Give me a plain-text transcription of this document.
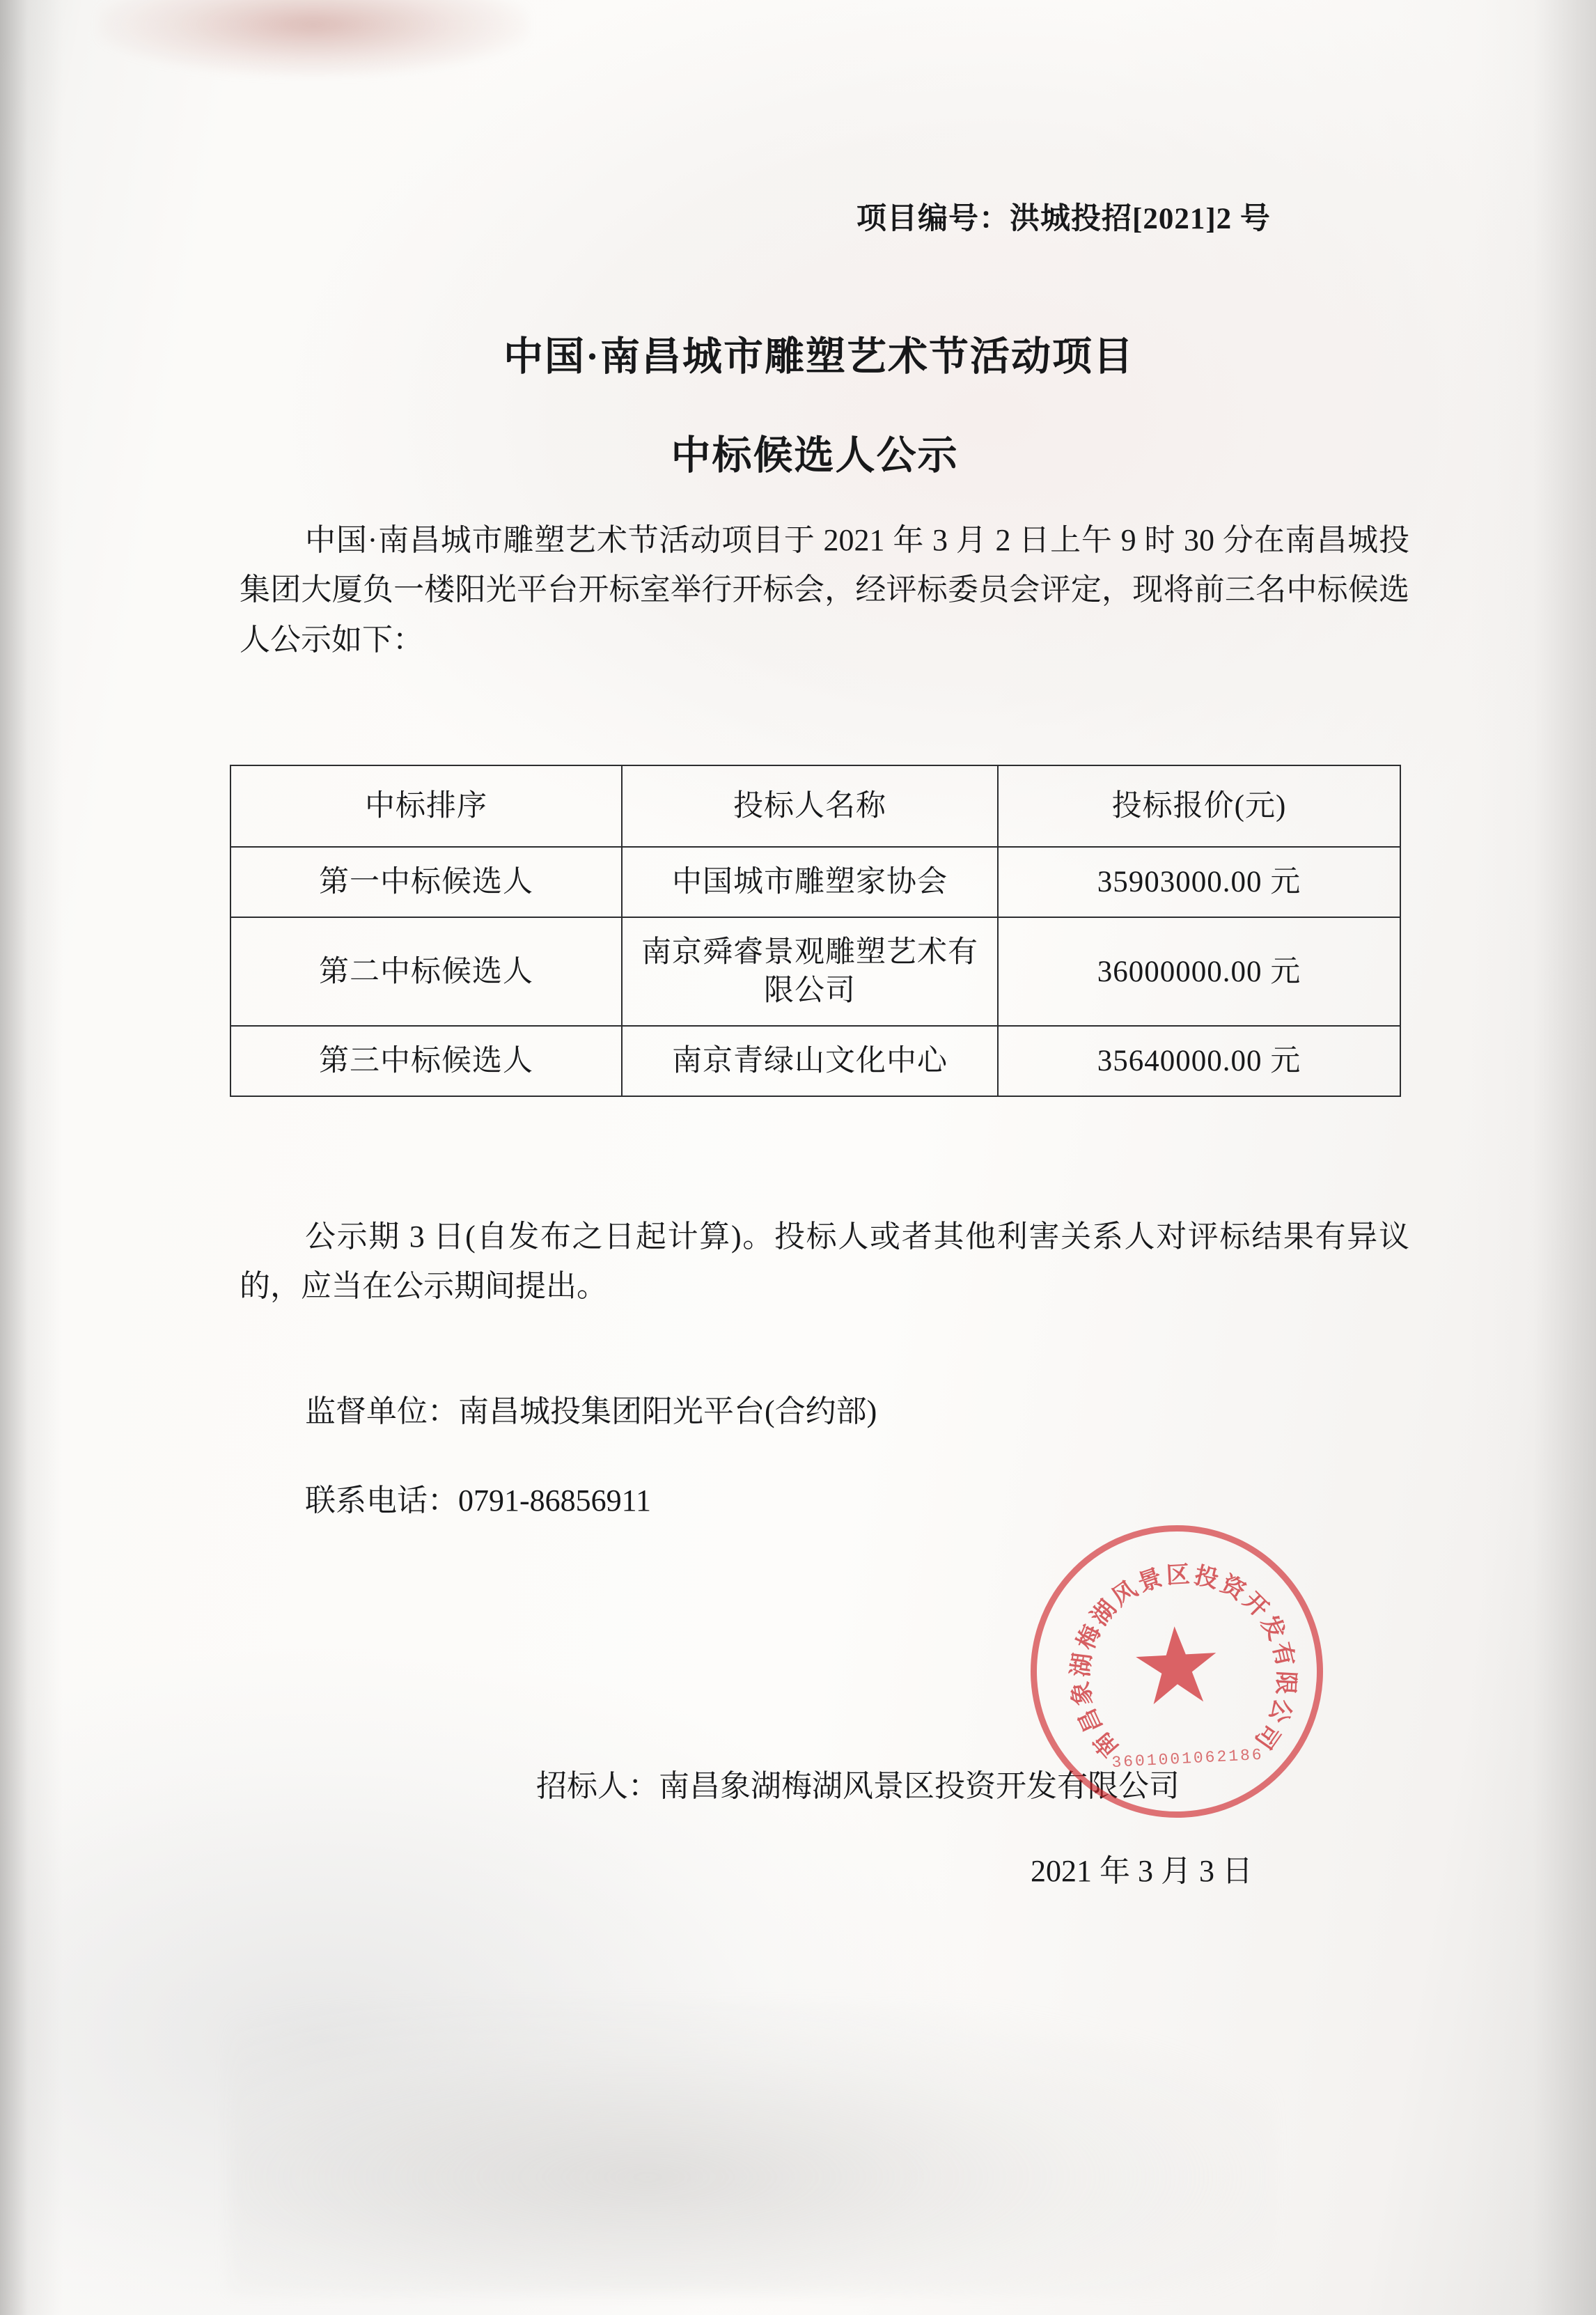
项目编号：洪城投招[2021]2 号
中国·南昌城市雕塑艺术节活动项目
中标候选人公示

中国·南昌城市雕塑艺术节活动项目于 2021 年 3 月 2 日上午 9 时 30 分在南昌城投集团大厦负一楼阳光平台开标室举行开标会，经评标委员会评定，现将前三名中标候选人公示如下：

中标排序	投标人名称	投标报价(元)
第一中标候选人	中国城市雕塑家协会	35903000.00 元
第二中标候选人	南京舜睿景观雕塑艺术有限公司	36000000.00 元
第三中标候选人	南京青绿山文化中心	35640000.00 元

公示期 3 日(自发布之日起计算)。投标人或者其他利害关系人对评标结果有异议的，应当在公示期间提出。

监督单位：南昌城投集团阳光平台(合约部)
联系电话：0791-86856911
招标人：南昌象湖梅湖风景区投资开发有限公司
2021 年 3 月 3 日
南
昌
象
湖
梅
湖
风
景 区 投
资
开
发
有
限
公
司
3601001062186
